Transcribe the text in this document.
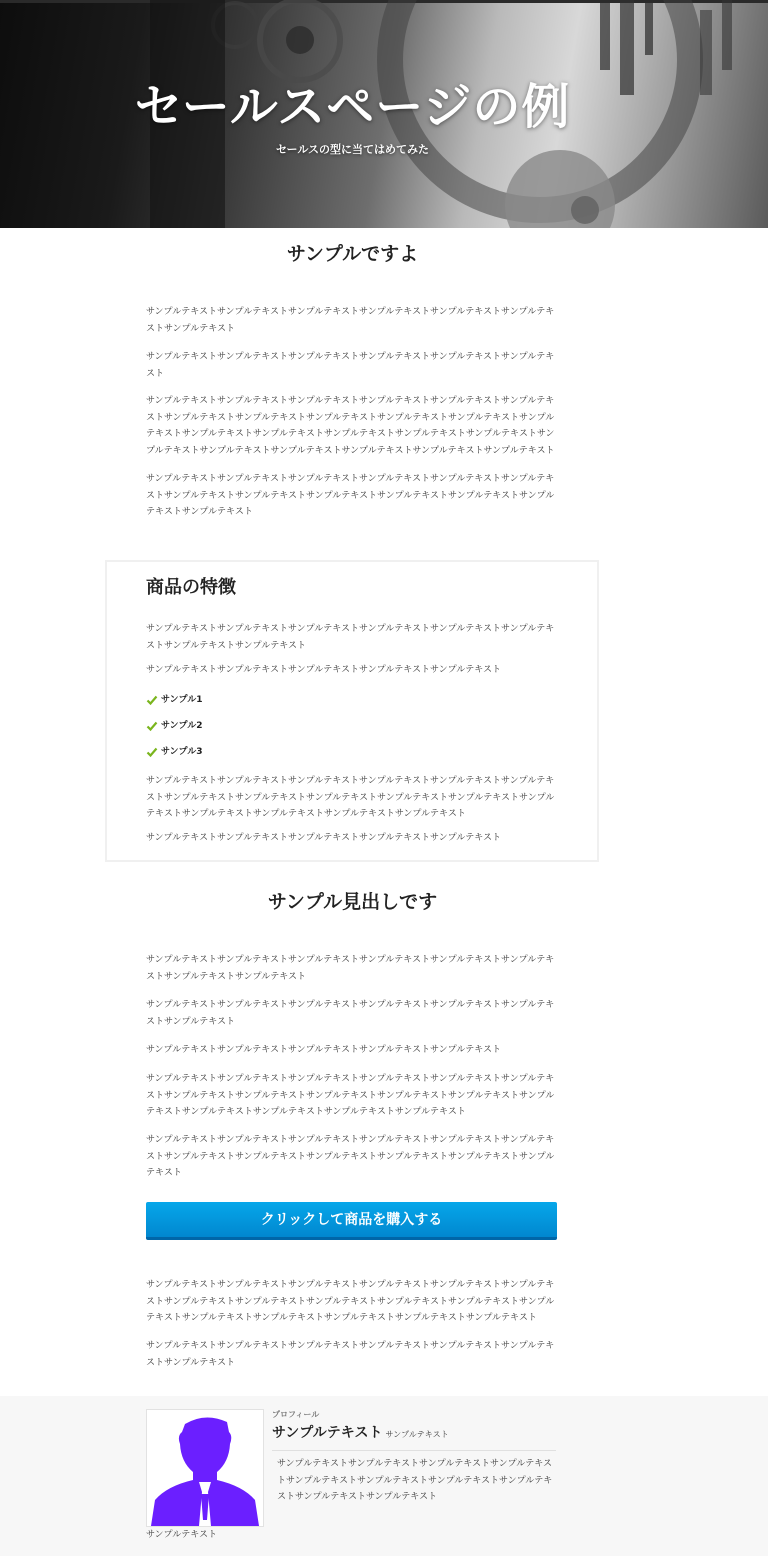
セールスページの例
セールスの型に当てはめてみた
サンプルですよ

サンプルテキストサンプルテキストサンプルテキストサンプルテキストサンプルテキストサンプルテキストサンプルテキスト

サンプルテキストサンプルテキストサンプルテキストサンプルテキストサンプルテキストサンプルテキスト

サンプルテキストサンプルテキストサンプルテキストサンプルテキストサンプルテキストサンプルテキストサンプルテキストサンプルテキストサンプルテキストサンプルテキストサンプルテキストサンプルテキストサンプルテキストサンプルテキストサンプルテキストサンプルテキストサンプルテキストサンプルテキストサンプルテキストサンプルテキストサンプルテキストサンプルテキストサンプルテキスト

サンプルテキストサンプルテキストサンプルテキストサンプルテキストサンプルテキストサンプルテキストサンプルテキストサンプルテキストサンプルテキストサンプルテキストサンプルテキストサンプルテキストサンプルテキスト

商品の特徴

サンプルテキストサンプルテキストサンプルテキストサンプルテキストサンプルテキストサンプルテキストサンプルテキストサンプルテキスト

サンプルテキストサンプルテキストサンプルテキストサンプルテキストサンプルテキスト

サンプル1
サンプル2
サンプル3

サンプルテキストサンプルテキストサンプルテキストサンプルテキストサンプルテキストサンプルテキストサンプルテキストサンプルテキストサンプルテキストサンプルテキストサンプルテキストサンプルテキストサンプルテキストサンプルテキストサンプルテキストサンプルテキスト

サンプルテキストサンプルテキストサンプルテキストサンプルテキストサンプルテキスト

サンプル見出しです

サンプルテキストサンプルテキストサンプルテキストサンプルテキストサンプルテキストサンプルテキストサンプルテキストサンプルテキスト

サンプルテキストサンプルテキストサンプルテキストサンプルテキストサンプルテキストサンプルテキストサンプルテキスト

サンプルテキストサンプルテキストサンプルテキストサンプルテキストサンプルテキスト

サンプルテキストサンプルテキストサンプルテキストサンプルテキストサンプルテキストサンプルテキストサンプルテキストサンプルテキストサンプルテキストサンプルテキストサンプルテキストサンプルテキストサンプルテキストサンプルテキストサンプルテキストサンプルテキスト

サンプルテキストサンプルテキストサンプルテキストサンプルテキストサンプルテキストサンプルテキストサンプルテキストサンプルテキストサンプルテキストサンプルテキストサンプルテキストサンプルテキスト

クリックして商品を購入する

サンプルテキストサンプルテキストサンプルテキストサンプルテキストサンプルテキストサンプルテキストサンプルテキストサンプルテキストサンプルテキストサンプルテキストサンプルテキストサンプルテキストサンプルテキストサンプルテキストサンプルテキストサンプルテキストサンプルテキスト

サンプルテキストサンプルテキストサンプルテキストサンプルテキストサンプルテキストサンプルテキストサンプルテキスト

サンプルテキスト
プロフィール
サンプルテキスト サンプルテキスト

サンプルテキストサンプルテキストサンプルテキストサンプルテキストサンプルテキストサンプルテキストサンプルテキストサンプルテキストサンプルテキストサンプルテキスト
